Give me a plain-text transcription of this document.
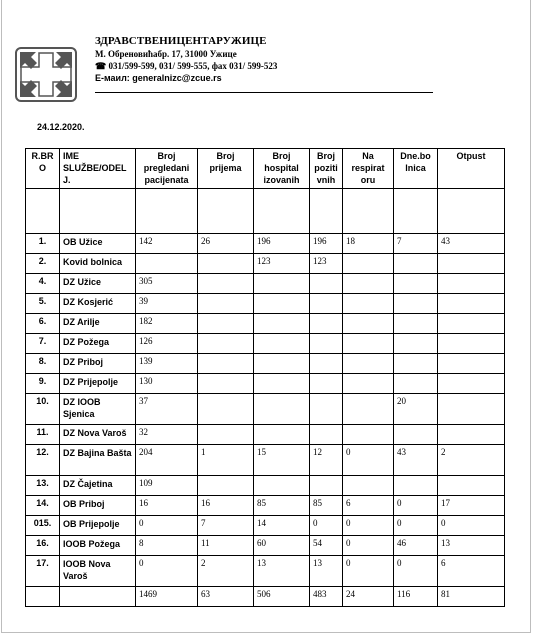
ЗДРАВСТВЕНИЦЕНТАРУЖИЦЕ
М. Обреновићабр. 17, 31000 Ужице
☎ 031/599-599, 031/ 599-555, фах 031/ 599-523
Е-маил: generalnizc@zcue.rs
24.12.2020.
R.BR O	IME SLUŽBE/ODEL J.	Broj pregledani pacijenata	Broj prijema	Broj hospital izovanih	Broj poziti vnih	Na respirat oru	Dne.bo lnica	Otpust

1.	OB Užice	142	26	196	196	18	7	43
2.	Kovid bolnica			123	123			
4.	DZ Užice	305						
5.	DZ Kosjerić	39						
6.	DZ Arilje	182						
7.	DZ Požega	126						
8.	DZ Priboj	139						
9.	DZ Prijepolje	130						
10.	DZ IOOB Sjenica	37					20	
11.	DZ Nova Varoš	32						
12.	DZ Bajina Bašta	204	1	15	12	0	43	2
13.	DZ Čajetina	109						
14.	OB Priboj	16	16	85	85	6	0	17
015.	OB Prijepolje	0	7	14	0	0	0	0
16.	IOOB Požega	8	11	60	54	0	46	13
17.	IOOB Nova Varoš	0	2	13	13	0	0	6
		1469	63	506	483	24	116	81
